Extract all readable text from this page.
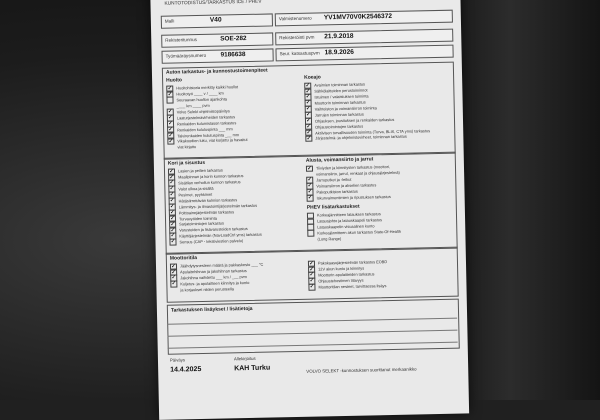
KUNTOTODISTUS/TARKASTUS ICE / PHEV
Malli	V40	Valmistenumero YV1MV70V0K2546372
Rekisteritunnus	SOE-282	Rekisteröinti pvm 21.9.2018
Työmääräysnumero 9186638	Seur. katsastuspvm 18.9.2026
Auton tarkastus- ja kunnostustoimenpiteet
Huolto	Koeajo
✓	Huoltohistoria merkitty kaikki huollot
✓	Huoltotyö ____ v / ____ km
Seuraavan huollon ajankohta
____ km ____ pvm
✓	Volvo Selekt ohjelmistopäivitys
✓	Laaturjestelmävirheiden tarkastus
✓	Renkaiden kulumistason tarkastus
✓	Renkaiden kulutuspinta ___ mm
✓	Talvirenkaiden kulutuspinta ___ mm
✓	Vikakoodien luku, viat korjattu ja havaitut
viat kirjattu
✓	Avaimien toiminnan tarkastus
✓	Sähkölaitteiden perustoiminnot
✓	Istuimen / valaistuksen toiminta
✓	Moottorin toiminnan tarkastus
✓	Vaihteiston ja voimansiirron toiminta
✓	Jarrujen toiminnan tarkastus
✓	Ohjauksen, jousituksen ja renkaiden tarkastus
✓	Ohjaustoimintojen tarkastus
✓	Aktiivisen turvallisuuden toiminta (Turva, BLIS, CTA yms) tarkastus
✓	Järjestelmä- ja ohjelmistovirheet, toiminnan tarkastus
Kori ja sisustus	Alusta, voimansiirto ja jarrut
✓	Lasien ja peilien tarkastus
✓	Maalipinnan ja korin kunnon tarkastus
✓	Sisätilan verhoilun kunnon tarkastus
✓	Valot ulkoa ja sisältä
✓	Pesimet, pyyhkimet
✓	Hätäsiirrettävän kolmion tarkastus
✓	Lämmitys- ja ilmastointijärjestelmän tarkastus
✓	Polttoainejärjestelmän tarkastus
✓	Turvavyöiden toiminta
✓	Sarjatoimintojen tarkastus
✓	Varusteiden ja lisävarusteiden tarkastus
✓	Käyttöjärjestelmän (NavLoadCtrl yms) tarkastus
✓	Sensus (CAP - tekstiviestien palvelu)
✓	Tiiviyden ja kiinnitysten tarkastus (moottori,
voimansiirto, jarrut, renkaat ja ohjausjärjestelmä)
✓	Jarruputket ja -letkut
✓	Voimansiirron ja akselien tarkastus
✓	Pakoputkiston tarkastus
✓	Iskunvaimentimien ja ripustuksen tarkastus
PHEV lisätarkastukset
Korkeajännitteen latauksen tarkastus
Latausjohto ja latauskaapeli tarkastus
Latauskaapelin visuaalinen kunto
Korkeajännitteen akun tarkastus State-Of-Health
(Long Range)
Moottoritila
✓	Jäähdytysnesteen määrä ja pakkaskesto ___ °C
✓	Apulaitehihnan ja jakohihnan tarkastus
✓	Jakohihna vaihdettu ___ km / ___ pvm
✓	Kuljetus- ja apulaitteen kiinnitys ja kunto
ja korjaukset niiden perusteella
✓	Pakokaasujärjestelmän tarkastus EOBD
✓	12V akun kunto ja kiinnitys
✓	Moottorin apulaitteiden tarkastus
✓	Ohjaustehostimen tilavyys
✓	Moottoritilan nesteet, tarvittaessa lisäys
Tarkastuksen lisäykset / lisätietoja
Päiväys
14.4.2025
Allekirjoitus
KAH Turku	VOLVO SELEKT -kunnostuksen suorittanut merkaanikko
